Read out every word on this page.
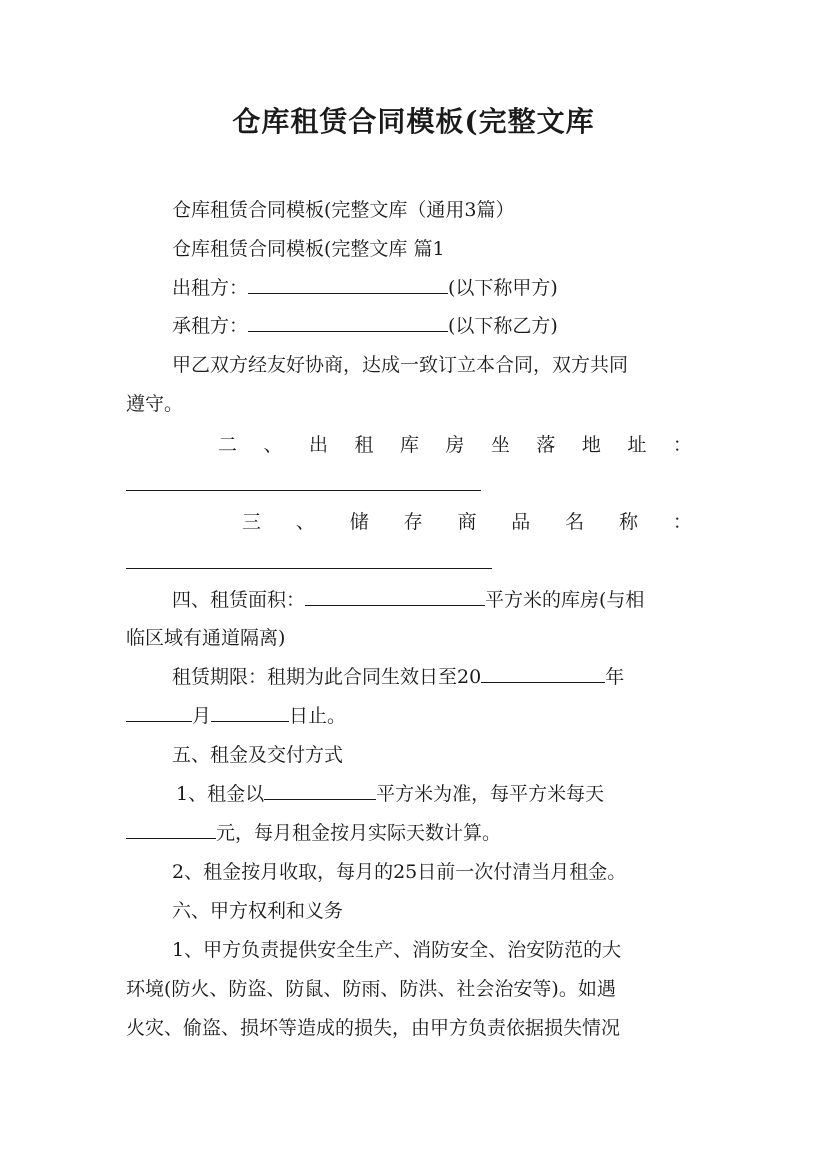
仓库租赁合同模板(完整文库
仓库租赁合同模板(完整文库（通用3篇）
仓库租赁合同模板(完整文库 篇1
出租方：	(以下称甲方)
承租方：	(以下称乙方)
甲乙双方经友好协商，达成一致订立本合同，双方共同
遵守。
二 、 出 租 库 房 坐 落 地 址 ：
三 、 储 存 商 品 名 称 ：
四、租赁面积：	平方米的库房(与相
临区域有通道隔离)
租赁期限：租期为此合同生效日至20	年
月	日止。
五、租金及交付方式
1、租金以	平方米为准，每平方米每天
元，每月租金按月实际天数计算。
2、租金按月收取，每月的25日前一次付清当月租金。
六、甲方权利和义务
1、甲方负责提供安全生产、消防安全、治安防范的大
环境(防火、防盗、防鼠、防雨、防洪、社会治安等)。如遇
火灾、偷盗、损坏等造成的损失，由甲方负责依据损失情况
